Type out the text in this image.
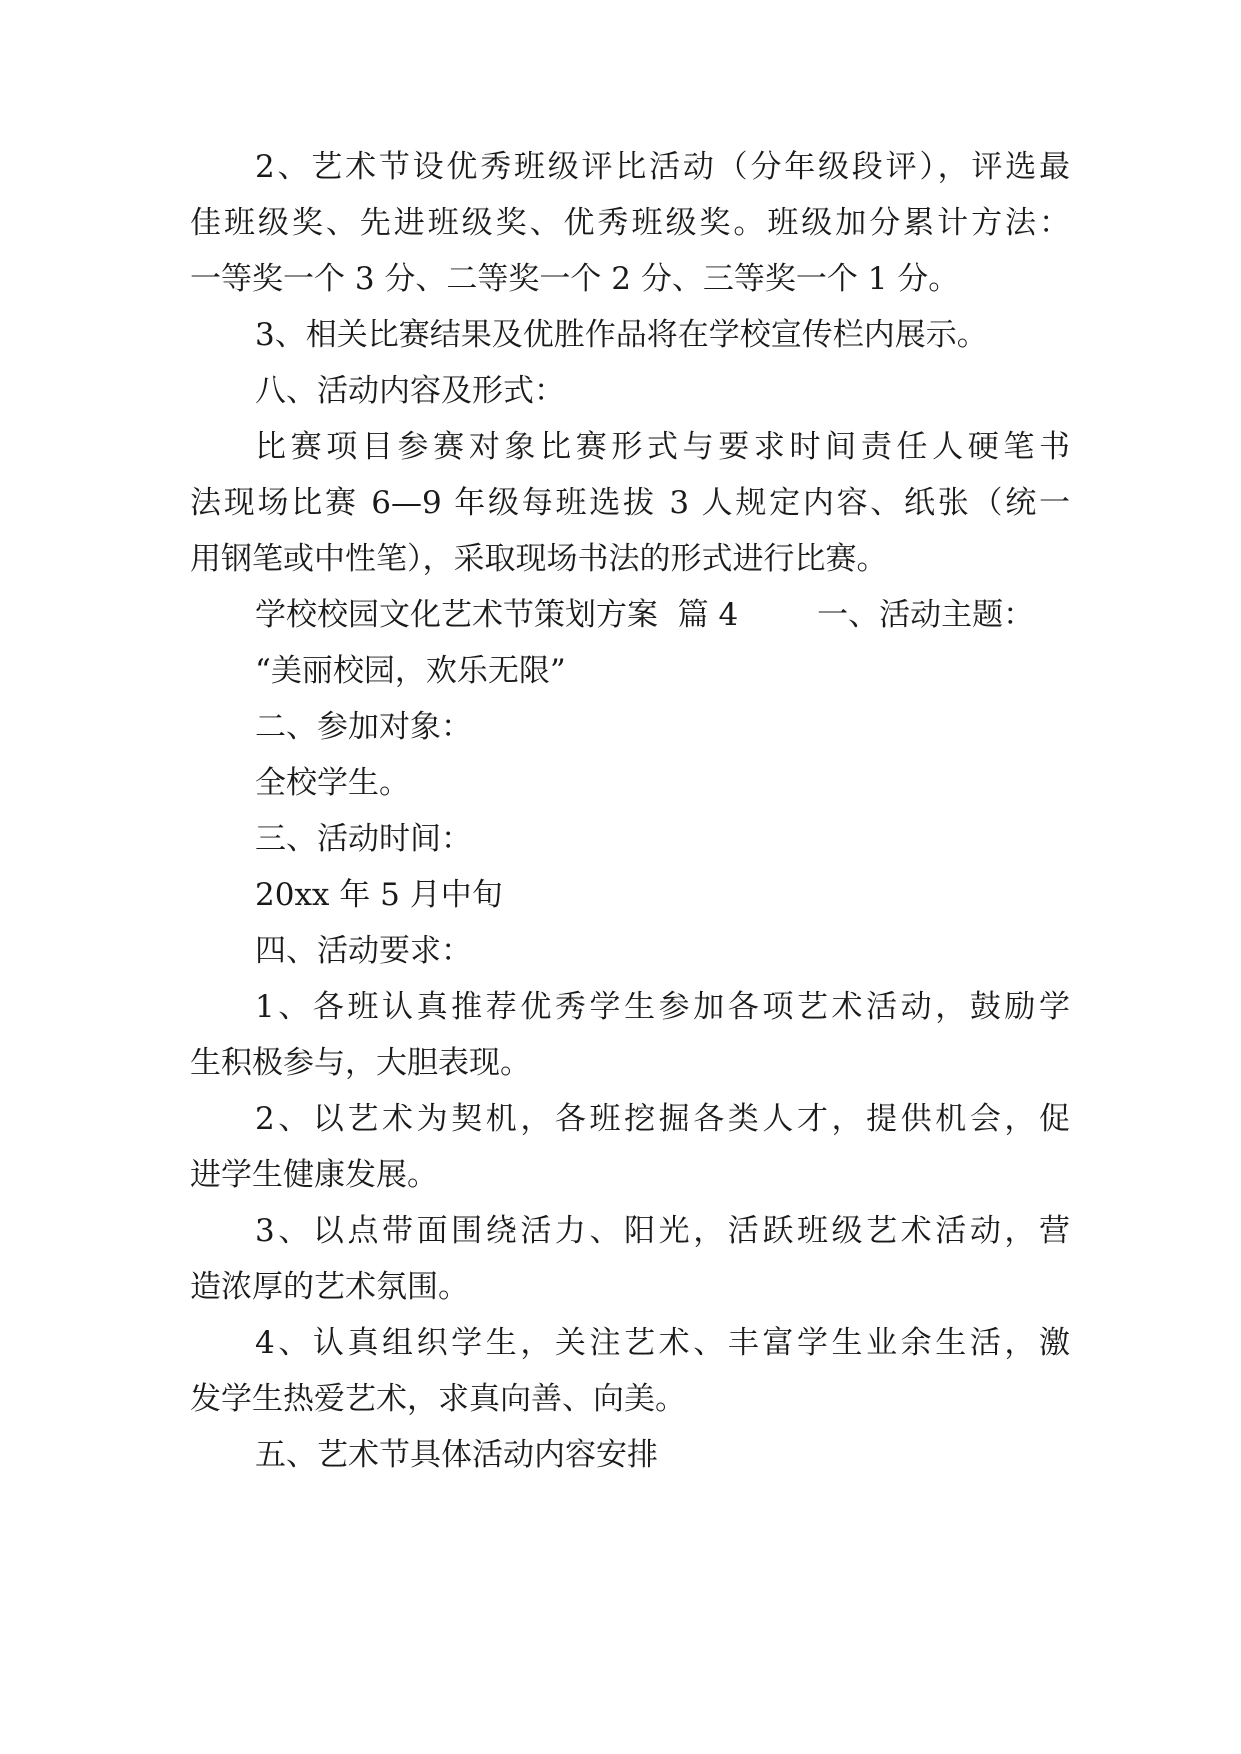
2、艺术节设优秀班级评比活动（分年级段评），评选最
佳班级奖、先进班级奖、优秀班级奖。班级加分累计方法：
一等奖一个 3 分、二等奖一个 2 分、三等奖一个 1 分。
3、相关比赛结果及优胜作品将在学校宣传栏内展示。
八、活动内容及形式：
比赛项目参赛对象比赛形式与要求时间责任人硬笔书
法现场比赛 6—9 年级每班选拔 3 人规定内容、纸张（统一
用钢笔或中性笔），采取现场书法的形式进行比赛。
学校校园文化艺术节策划方案  篇 4        一、活动主题：
“美丽校园，欢乐无限”
二、参加对象：
全校学生。
三、活动时间：
20xx 年 5 月中旬
四、活动要求：
1、各班认真推荐优秀学生参加各项艺术活动，鼓励学
生积极参与，大胆表现。
2、以艺术为契机，各班挖掘各类人才，提供机会，促
进学生健康发展。
3、以点带面围绕活力、阳光，活跃班级艺术活动，营
造浓厚的艺术氛围。
4、认真组织学生，关注艺术、丰富学生业余生活，激
发学生热爱艺术，求真向善、向美。
五、艺术节具体活动内容安排
